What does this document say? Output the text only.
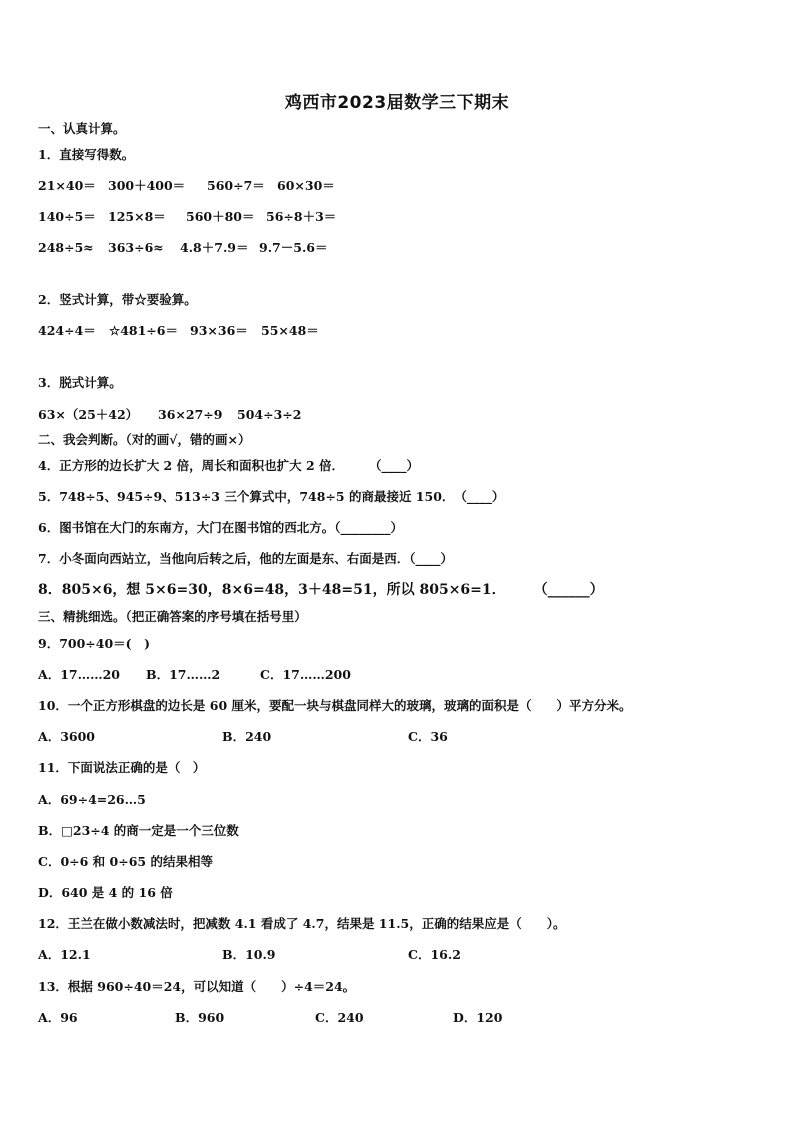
鸡西市2023届数学三下期末
一、认真计算。
1．直接写得数。
21×40＝ 300＋400＝ 560÷7＝ 60×30＝
140÷5＝ 125×8＝ 560＋80＝ 56÷8＋3＝
248÷5≈ 363÷6≈ 4.8＋7.9＝ 9.7－5.6＝
2．竖式计算，带☆要验算。
424÷4＝ ☆481÷6＝ 93×36＝ 55×48＝
3．脱式计算。
63×（25＋42） 36×27÷9 504÷3÷2
二、我会判断。（对的画√，错的画×）
4．正方形的边长扩大 2 倍，周长和面积也扩大 2 倍．　　　（____）
5．748÷5、945÷9、513÷3 三个算式中，748÷5 的商最接近 150．　（____）
6．图书馆在大门的东南方，大门在图书馆的西北方。（________）
7．小冬面向西站立，当他向后转之后，他的左面是东、右面是西．（____）
8．805×6，想 5×6=30，8×6=48，3＋48=51，所以 805×6=1．　　　（______）
三、精挑细选。（把正确答案的序号填在括号里）
9．700÷40＝(　)
A．17……20 B．17……2	C．17……200
10．一个正方形棋盘的边长是 60 厘米，要配一块与棋盘同样大的玻璃，玻璃的面积是（　　）平方分米。
A．3600	B．240	C．36
11．下面说法正确的是（　）
A．69÷4=26…5
B．□23÷4 的商一定是一个三位数
C．0÷6 和 0÷65 的结果相等
D．640 是 4 的 16 倍
12．王兰在做小数减法时，把减数 4.1 看成了 4.7，结果是 11.5，正确的结果应是（　　）。
A．12.1	B．10.9	C．16.2
13．根据 960÷40＝24，可以知道（　　）÷4＝24。
A．96	B．960	C．240	D．120
